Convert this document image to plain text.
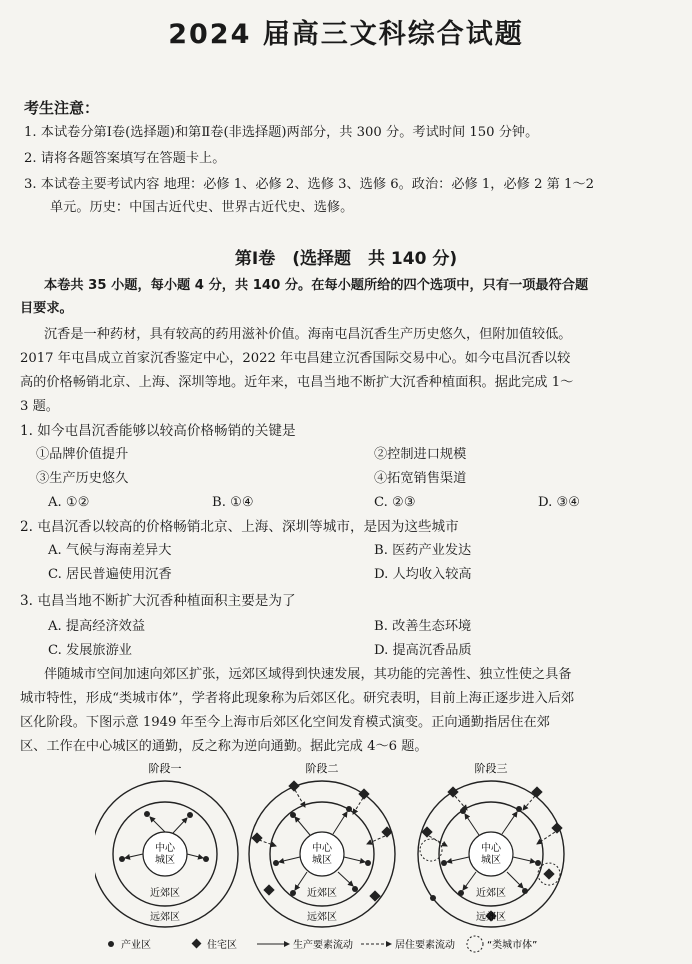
2024 届高三文科综合试题
考生注意：
1. 本试卷分第Ⅰ卷(选择题)和第Ⅱ卷(非选择题)两部分，共 300 分。考试时间 150 分钟。
2. 请将各题答案填写在答题卡上。
3. 本试卷主要考试内容 地理：必修 1、必修 2、选修 3、选修 6。政治：必修 1，必修 2 第 1～2
单元。历史：中国古近代史、世界古近代史、选修。
第Ⅰ卷　(选择题　共 140 分)
本卷共 35 小题，每小题 4 分，共 140 分。在每小题所给的四个选项中，只有一项最符合题
目要求。
沉香是一种药材，具有较高的药用滋补价值。海南屯昌沉香生产历史悠久，但附加值较低。
2017 年屯昌成立首家沉香鉴定中心，2022 年屯昌建立沉香国际交易中心。如今屯昌沉香以较
高的价格畅销北京、上海、深圳等地。近年来，屯昌当地不断扩大沉香种植面积。据此完成 1～
3 题。
1. 如今屯昌沉香能够以较高价格畅销的关键是
①品牌价值提升	②控制进口规模
③生产历史悠久	④拓宽销售渠道
A. ①②	B. ①④	C. ②③	D. ③④
2. 屯昌沉香以较高的价格畅销北京、上海、深圳等城市，是因为这些城市
A. 气候与海南差异大	B. 医药产业发达
C. 居民普遍使用沉香	D. 人均收入较高
3. 屯昌当地不断扩大沉香种植面积主要是为了
A. 提高经济效益	B. 改善生态环境
C. 发展旅游业	D. 提高沉香品质
伴随城市空间加速向郊区扩张，远郊区域得到快速发展，其功能的完善性、独立性使之具备
城市特性，形成“类城市体”，学者将此现象称为后郊区化。研究表明，目前上海正逐步进入后郊
区化阶段。下图示意 1949 年至今上海市后郊区化空间发育模式演变。正向通勤指居住在郊
区、工作在中心城区的通勤，反之称为逆向通勤。据此完成 4～6 题。
阶段一
中心
城区
近郊区
远郊区
阶段二
中心
城区
近郊区
远郊区
阶段三
中心
城区
近郊区
远郊区
产业区	住宅区	生产要素流动	居住要素流动	“类城市体”
